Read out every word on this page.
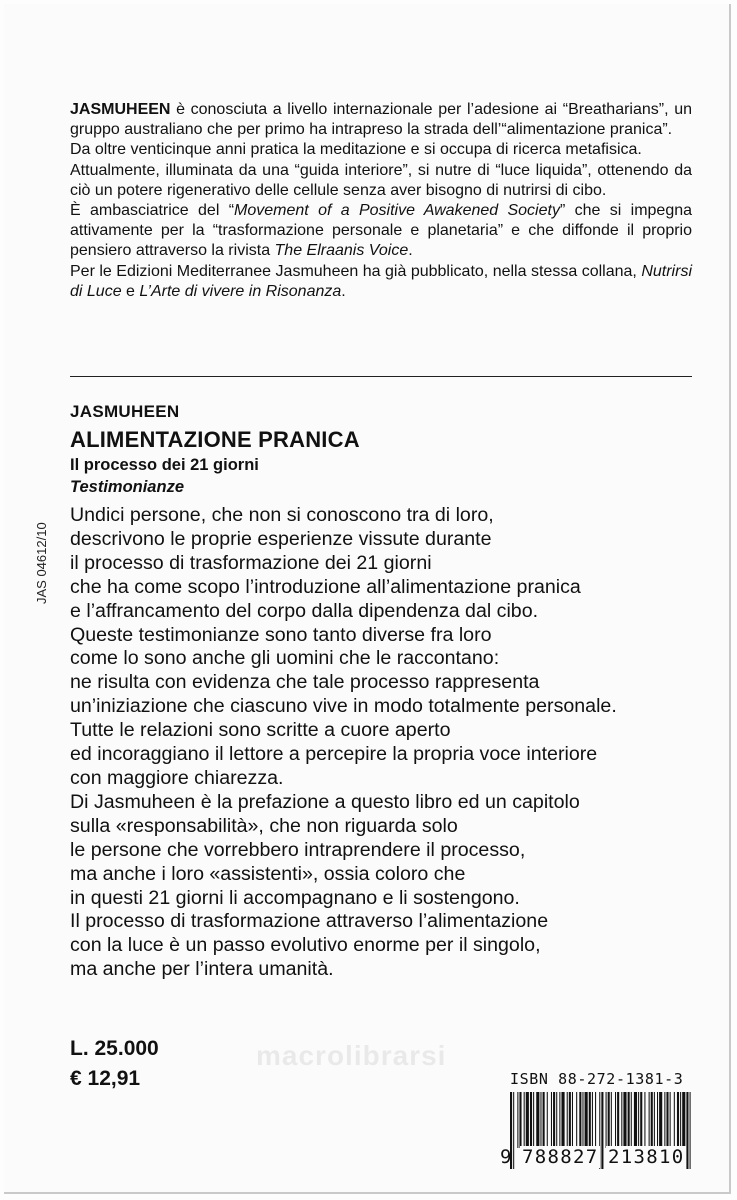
JASMUHEEN è conosciuta a livello internazionale per l’adesione ai “Breatharians”, un gruppo australiano che per primo ha intrapreso la strada dell’“alimentazione pranica”.

Da oltre venticinque anni pratica la meditazione e si occupa di ricerca metafisica.

Attualmente, illuminata da una “guida interiore”, si nutre di “luce liquida”, ottenendo da ciò un potere rigenerativo delle cellule senza aver bisogno di nutrirsi di cibo.

È ambasciatrice del “Movement of a Positive Awakened Society” che si impegna attivamente per la “trasformazione personale e planetaria” e che diffonde il proprio pensiero attraverso la rivista The Elraanis Voice.

Per le Edizioni Mediterranee Jasmuheen ha già pubblicato, nella stessa collana, Nutrirsi di Luce e L’Arte di vivere in Risonanza.

JASMUHEEN
ALIMENTAZIONE PRANICA
Il processo dei 21 giorni
Testimonianze
JAS 04612/10
Undici persone, che non si conoscono tra di loro,
descrivono le proprie esperienze vissute durante
il processo di trasformazione dei 21 giorni
che ha come scopo l’introduzione all’alimentazione pranica
e l’affrancamento del corpo dalla dipendenza dal cibo.
Queste testimonianze sono tanto diverse fra loro
come lo sono anche gli uomini che le raccontano:
ne risulta con evidenza che tale processo rappresenta
un’iniziazione che ciascuno vive in modo totalmente personale.
Tutte le relazioni sono scritte a cuore aperto
ed incoraggiano il lettore a percepire la propria voce interiore
con maggiore chiarezza.
Di Jasmuheen è la prefazione a questo libro ed un capitolo
sulla «responsabilità», che non riguarda solo
le persone che vorrebbero intraprendere il processo,
ma anche i loro «assistenti», ossia coloro che
in questi 21 giorni li accompagnano e li sostengono.
Il processo di trasformazione attraverso l’alimentazione
con la luce è un passo evolutivo enorme per il singolo,
ma anche per l’intera umanità.
macrolibrarsi
L. 25.000
€ 12,91	ISBN 88-272-1381-3
9 788827 213810
